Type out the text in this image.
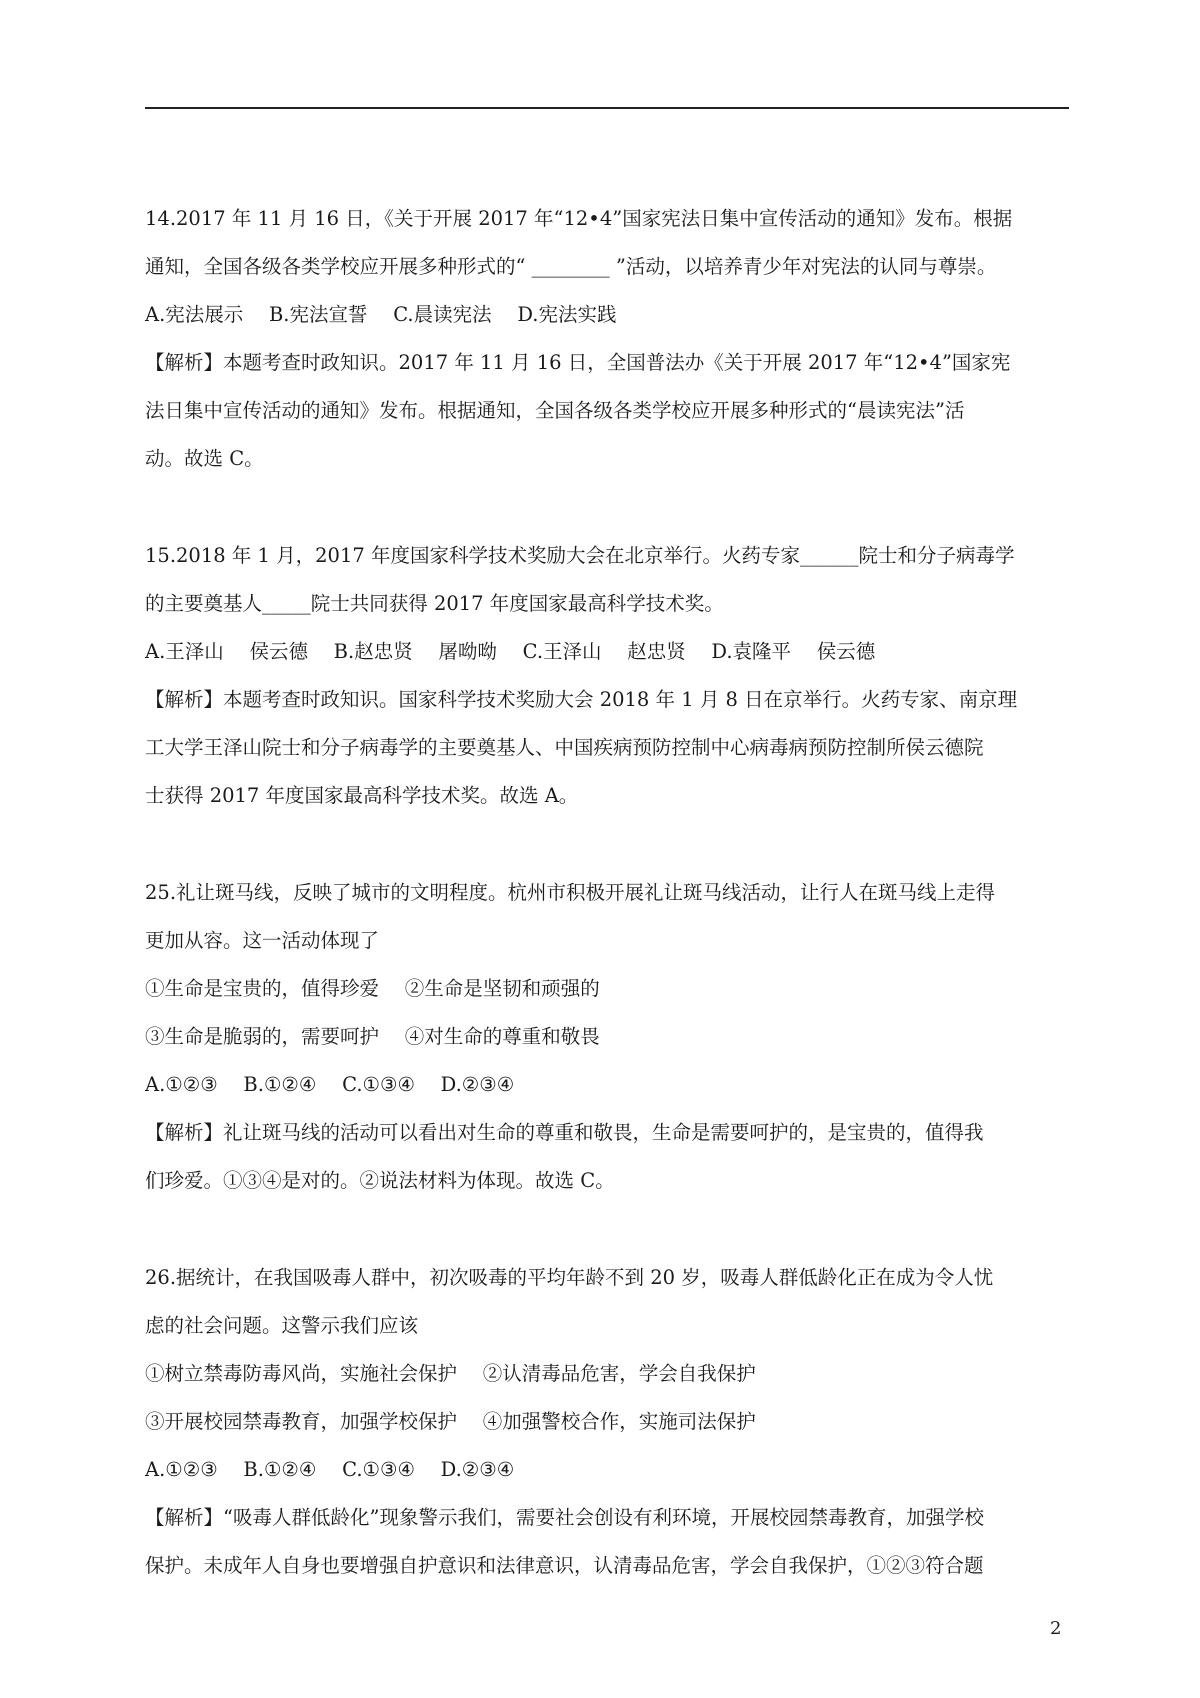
14.2017 年 11 月 16 日，《关于开展 2017 年“12•4”国家宪法日集中宣传活动的通知》发布。根据
通知，全国各级各类学校应开展多种形式的“ ________ ”活动，以培养青少年对宪法的认同与尊崇。
A.宪法展示　 B.宪法宣誓　 C.晨读宪法　 D.宪法实践
【解析】本题考查时政知识。2017 年 11 月 16 日，全国普法办《关于开展 2017 年“12•4”国家宪
法日集中宣传活动的通知》发布。根据通知，全国各级各类学校应开展多种形式的“晨读宪法”活
动。故选 C。
15.2018 年 1 月，2017 年度国家科学技术奖励大会在北京举行。火药专家______院士和分子病毒学
的主要奠基人_____院士共同获得 2017 年度国家最高科学技术奖。
A.王泽山　 侯云德　 B.赵忠贤　 屠呦呦　 C.王泽山　 赵忠贤　 D.袁隆平　 侯云德
【解析】本题考查时政知识。国家科学技术奖励大会 2018 年 1 月 8 日在京举行。火药专家、南京理
工大学王泽山院士和分子病毒学的主要奠基人、中国疾病预防控制中心病毒病预防控制所侯云德院
士获得 2017 年度国家最高科学技术奖。故选 A。
25.礼让斑马线，反映了城市的文明程度。杭州市积极开展礼让斑马线活动，让行人在斑马线上走得
更加从容。这一活动体现了
①生命是宝贵的，值得珍爱　 ②生命是坚韧和顽强的
③生命是脆弱的，需要呵护　 ④对生命的尊重和敬畏
A.①②③　 B.①②④　 C.①③④　 D.②③④
【解析】礼让斑马线的活动可以看出对生命的尊重和敬畏，生命是需要呵护的，是宝贵的，值得我
们珍爱。①③④是对的。②说法材料为体现。故选 C。
26.据统计，在我国吸毒人群中，初次吸毒的平均年龄不到 20 岁，吸毒人群低龄化正在成为令人忧
虑的社会问题。这警示我们应该
①树立禁毒防毒风尚，实施社会保护　 ②认清毒品危害，学会自我保护
③开展校园禁毒教育，加强学校保护　 ④加强警校合作，实施司法保护
A.①②③　 B.①②④　 C.①③④　 D.②③④
【解析】“吸毒人群低龄化”现象警示我们，需要社会创设有利环境，开展校园禁毒教育，加强学校
保护。未成年人自身也要增强自护意识和法律意识，认清毒品危害，学会自我保护，①②③符合题
2
